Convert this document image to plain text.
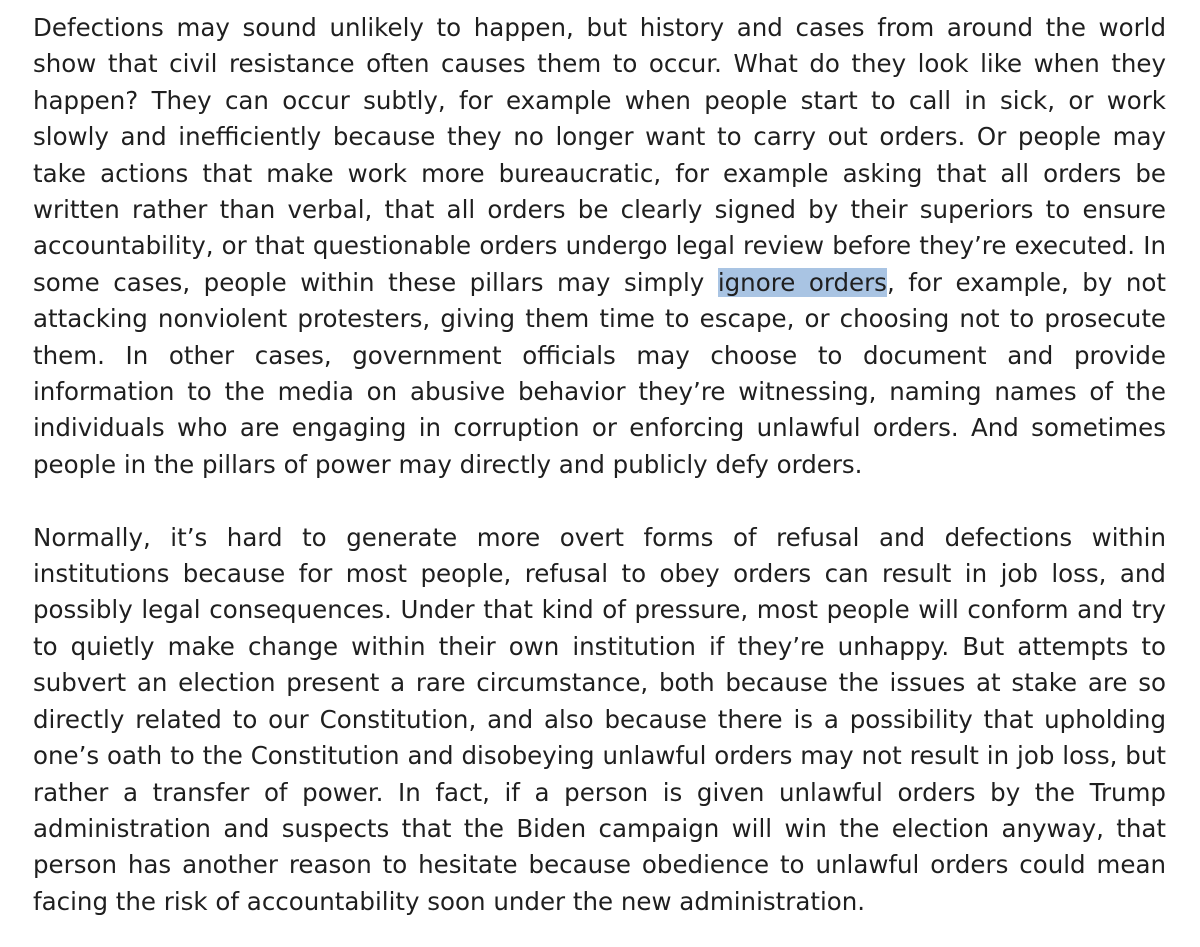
Defections may sound unlikely to happen, but history and cases from around the world show that civil resistance often causes them to occur. What do they look like when they happen? They can occur subtly, for example when people start to call in sick, or work slowly and inefficiently because they no longer want to carry out orders. Or people may take actions that make work more bureaucratic, for example asking that all orders be written rather than verbal, that all orders be clearly signed by their superiors to ensure accountability, or that questionable orders undergo legal review before they’re executed. In some cases, people within these pillars may simply ignore orders, for example, by not attacking nonviolent protesters, giving them time to escape, or choosing not to prosecute them. In other cases, government officials may choose to document and provide information to the media on abusive behavior they’re witnessing, naming names of the individuals who are engaging in corruption or enforcing unlawful orders. And sometimes people in the pillars of power may directly and publicly defy orders.

Normally, it’s hard to generate more overt forms of refusal and defections within institutions because for most people, refusal to obey orders can result in job loss, and possibly legal consequences. Under that kind of pressure, most people will conform and try to quietly make change within their own institution if they’re unhappy. But attempts to subvert an election present a rare circumstance, both because the issues at stake are so directly related to our Constitution, and also because there is a possibility that upholding one’s oath to the Constitution and disobeying unlawful orders may not result in job loss, but rather a transfer of power. In fact, if a person is given unlawful orders by the Trump administration and suspects that the Biden campaign will win the election anyway, that person has another reason to hesitate because obedience to unlawful orders could mean facing the risk of accountability soon under the new administration.
